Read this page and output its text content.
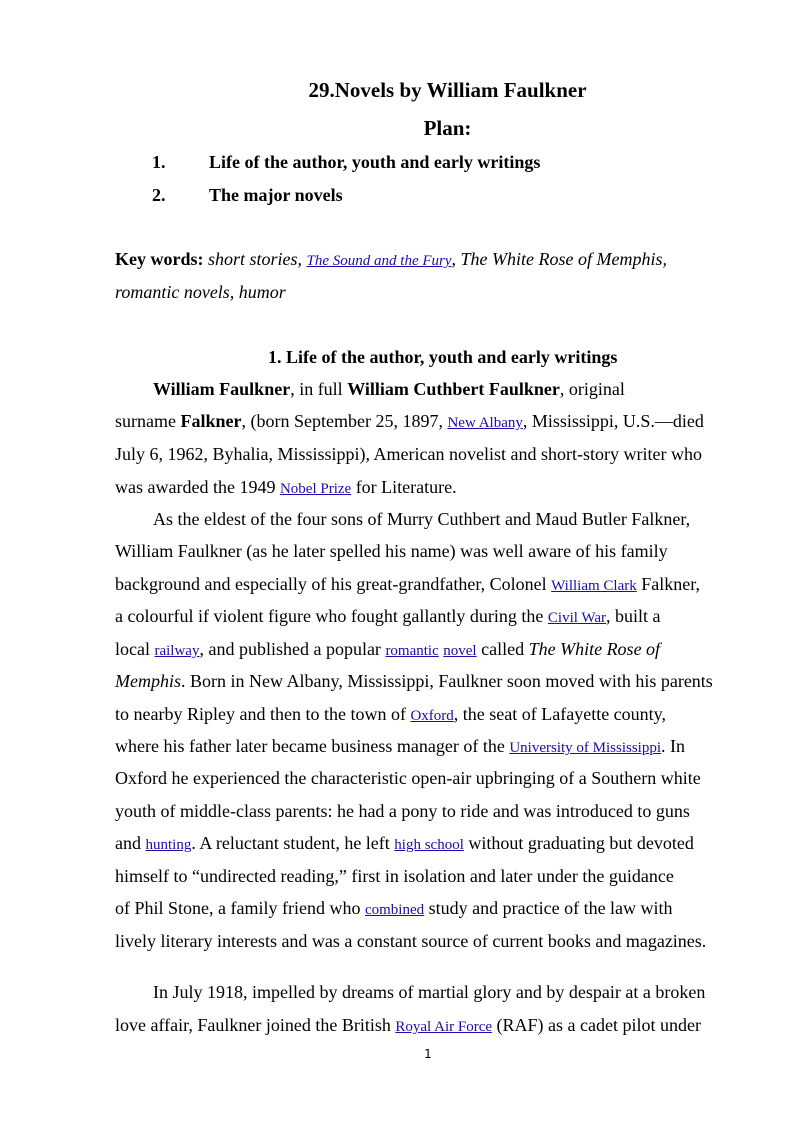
29.Novels by William Faulkner
Plan:
1.	Life of the author, youth and early writings
2.	The major novels
Key words: short stories, The Sound and the Fury, The White Rose of Memphis,
romantic novels, humor
1. Life of the author, youth and early writings
William Faulkner, in full William Cuthbert Faulkner, original
surname Falkner, (born September 25, 1897, New Albany, Mississippi, U.S.—died
July 6, 1962, Byhalia, Mississippi), American novelist and short-story writer who
was awarded the 1949 Nobel Prize for Literature.
As the eldest of the four sons of Murry Cuthbert and Maud Butler Falkner,
William Faulkner (as he later spelled his name) was well aware of his family
background and especially of his great-grandfather, Colonel William Clark Falkner,
a colourful if violent figure who fought gallantly during the Civil War, built a
local railway, and published a popular romantic novel called The White Rose of
Memphis. Born in New Albany, Mississippi, Faulkner soon moved with his parents
to nearby Ripley and then to the town of Oxford, the seat of Lafayette county,
where his father later became business manager of the University of Mississippi. In
Oxford he experienced the characteristic open-air upbringing of a Southern white
youth of middle-class parents: he had a pony to ride and was introduced to guns
and hunting. A reluctant student, he left high school without graduating but devoted
himself to “undirected reading,” first in isolation and later under the guidance
of Phil Stone, a family friend who combined study and practice of the law with
lively literary interests and was a constant source of current books and magazines.
In July 1918, impelled by dreams of martial glory and by despair at a broken
love affair, Faulkner joined the British Royal Air Force (RAF) as a cadet pilot under
1
